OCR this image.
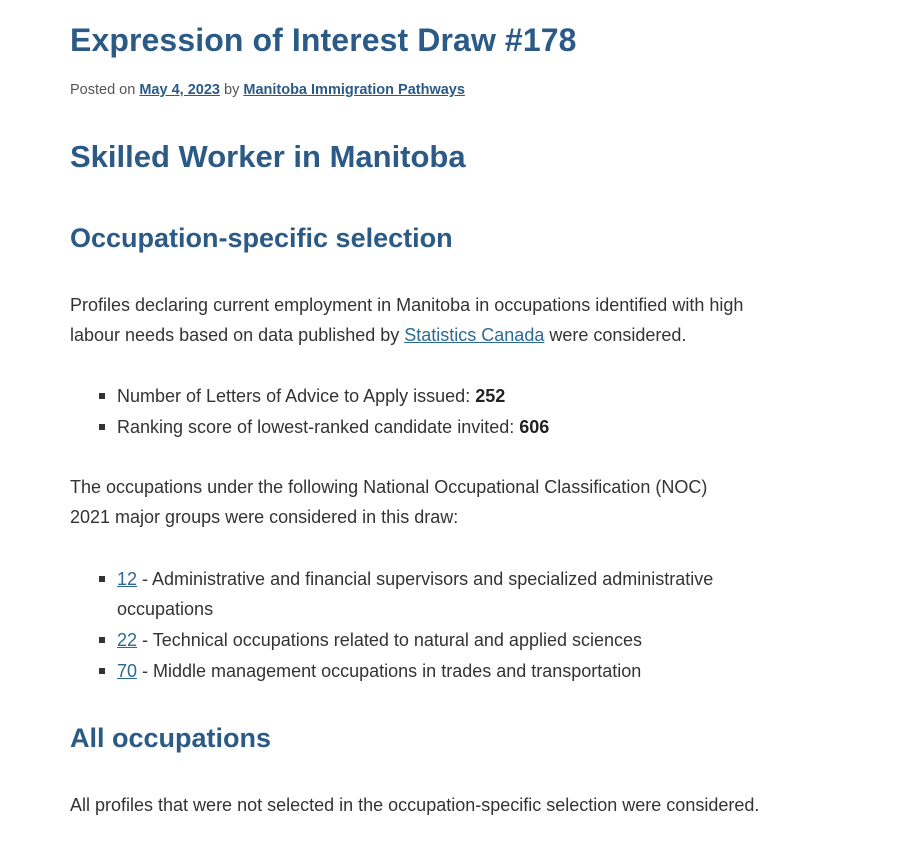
Expression of Interest Draw #178
Posted on May 4, 2023 by Manitoba Immigration Pathways
Skilled Worker in Manitoba
Occupation-specific selection

Profiles declaring current employment in Manitoba in occupations identified with high labour needs based on data published by Statistics Canada were considered.

Number of Letters of Advice to Apply issued: 252
Ranking score of lowest-ranked candidate invited: 606

The occupations under the following National Occupational Classification (NOC) 2021 major groups were considered in this draw:

12 - Administrative and financial supervisors and specialized administrative occupations
22 - Technical occupations related to natural and applied sciences
70 - Middle management occupations in trades and transportation
All occupations

All profiles that were not selected in the occupation-specific selection were considered.
